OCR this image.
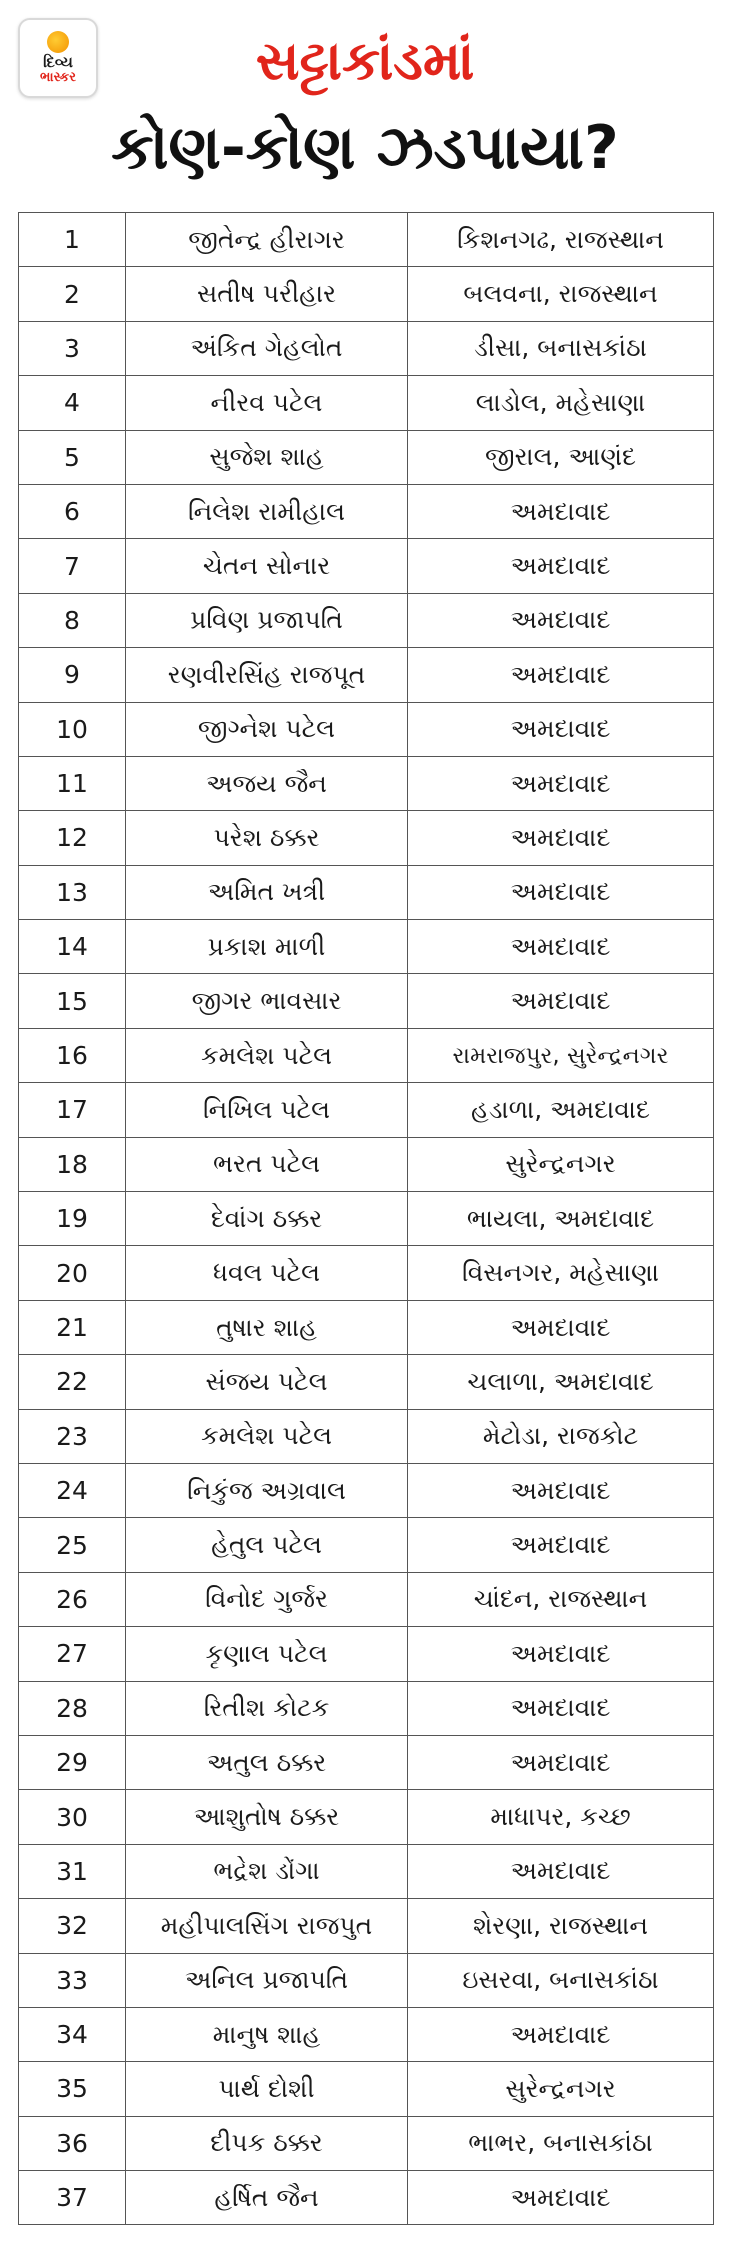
દિવ્ય
ભાસ્કર	સટ્ટાકાંડમાં
કોણ-કોણ ઝડપાયા?
1	જીતેન્દ્ર હીરાગર	કિશનગઢ, રાજસ્થાન
2	સતીષ પરીહાર	બલવના, રાજસ્થાન
3	અંકિત ગેહલોત	ડીસા, બનાસકાંઠા
4	નીરવ પટેલ	લાડોલ, મહેસાણા
5	સુજેશ શાહ	જીરાલ, આણંદ
6	નિલેશ રામીહાલ	અમદાવાદ
7	ચેતન સોનાર	અમદાવાદ
8	પ્રવિણ પ્રજાપતિ	અમદાવાદ
9	રણવીરસિંહ રાજપૂત	અમદાવાદ
10	જીગ્નેશ પટેલ	અમદાવાદ
11	અજય જૈન	અમદાવાદ
12	પરેશ ઠક્કર	અમદાવાદ
13	અમિત ખત્રી	અમદાવાદ
14	પ્રકાશ માળી	અમદાવાદ
15	જીગર ભાવસાર	અમદાવાદ
16	કમલેશ પટેલ	રામરાજપુર, સુરેન્દ્રનગર
17	નિખિલ પટેલ	હડાળા, અમદાવાદ
18	ભરત પટેલ	સુરેન્દ્રનગર
19	દેવાંગ ઠક્કર	ભાયલા, અમદાવાદ
20	ધવલ પટેલ	વિસનગર, મહેસાણા
21	તુષાર શાહ	અમદાવાદ
22	સંજય પટેલ	ચલાળા, અમદાવાદ
23	કમલેશ પટેલ	મેટોડા, રાજકોટ
24	નિકુંજ અગ્રવાલ	અમદાવાદ
25	હેતુલ પટેલ	અમદાવાદ
26	વિનોદ ગુર્જર	ચાંદન, રાજસ્થાન
27	કૃણાલ પટેલ	અમદાવાદ
28	રિતીશ કોટક	અમદાવાદ
29	અતુલ ઠક્કર	અમદાવાદ
30	આશુતોષ ઠક્કર	માધાપર, કચ્છ
31	ભદ્રેશ ડોંગા	અમદાવાદ
32	મહીપાલસિંગ રાજપુત	શેરણા, રાજસ્થાન
33	અનિલ પ્રજાપતિ	ઇસરવા, બનાસકાંઠા
34	માનુષ શાહ	અમદાવાદ
35	પાર્થ દોશી	સુરેન્દ્રનગર
36	દીપક ઠક્કર	ભાભર, બનાસકાંઠા
37	હર્ષિત જૈન	અમદાવાદ
